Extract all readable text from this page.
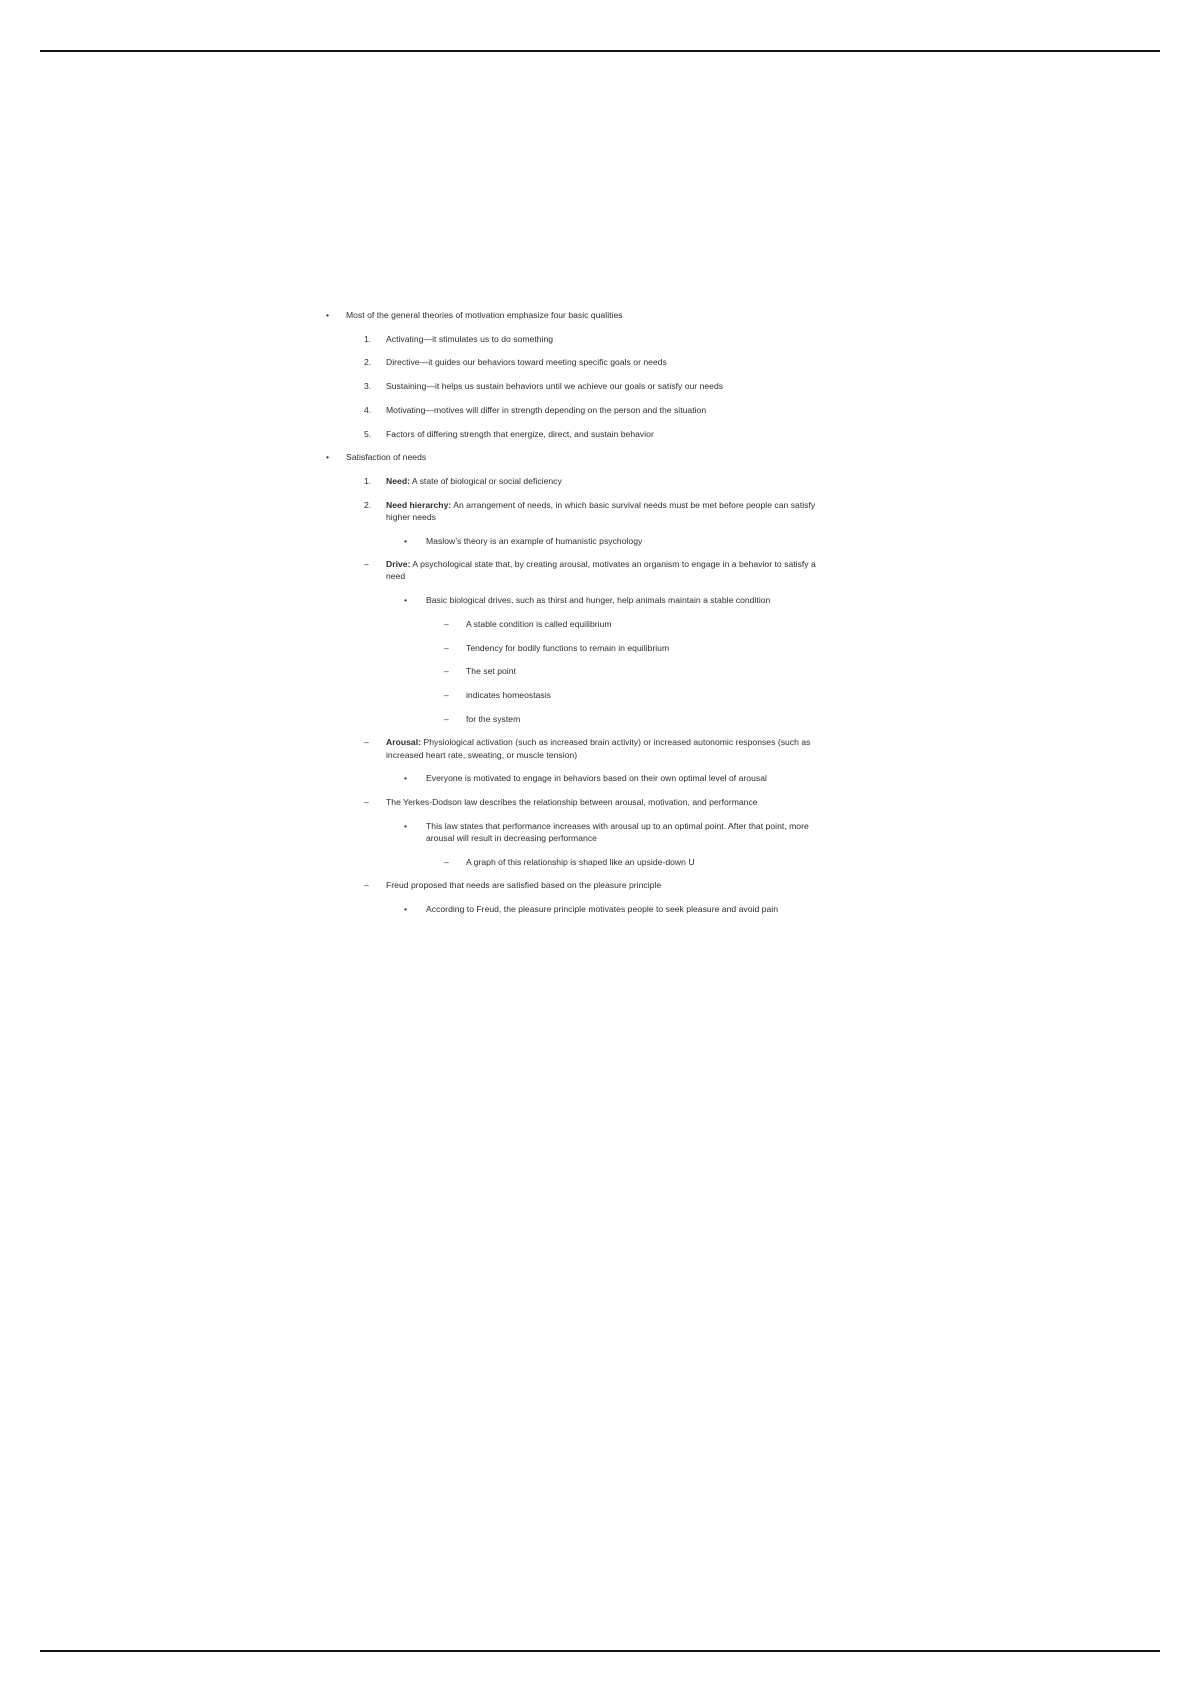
•	Most of the general theories of motivation emphasize four basic qualities
1.	Activating—it stimulates us to do something
2.	Directive—it guides our behaviors toward meeting specific goals or needs
3.	Sustaining—it helps us sustain behaviors until we achieve our goals or satisfy our needs
4.	Motivating—motives will differ in strength depending on the person and the situation
5.	Factors of differing strength that energize, direct, and sustain behavior
•	Satisfaction of needs
1.	Need: A state of biological or social deficiency
2.	Need hierarchy: An arrangement of needs, in which basic survival needs must be met before people can satisfy higher needs
•	Maslow’s theory is an example of humanistic psychology
–	Drive: A psychological state that, by creating arousal, motivates an organism to engage in a behavior to satisfy a need
•	Basic biological drives, such as thirst and hunger, help animals maintain a stable condition
–	A stable condition is called equilibrium
–	Tendency for bodily functions to remain in equilibrium
–	The set point
–	indicates homeostasis
–	for the system
–	Arousal: Physiological activation (such as increased brain activity) or increased autonomic responses (such as increased heart rate, sweating, or muscle tension)
•	Everyone is motivated to engage in behaviors based on their own optimal level of arousal
–	The Yerkes-Dodson law describes the relationship between arousal, motivation, and performance
•	This law states that performance increases with arousal up to an optimal point. After that point, more arousal will result in decreasing performance
–	A graph of this relationship is shaped like an upside-down U
–	Freud proposed that needs are satisfied based on the pleasure principle
•	According to Freud, the pleasure principle motivates people to seek pleasure and avoid pain
